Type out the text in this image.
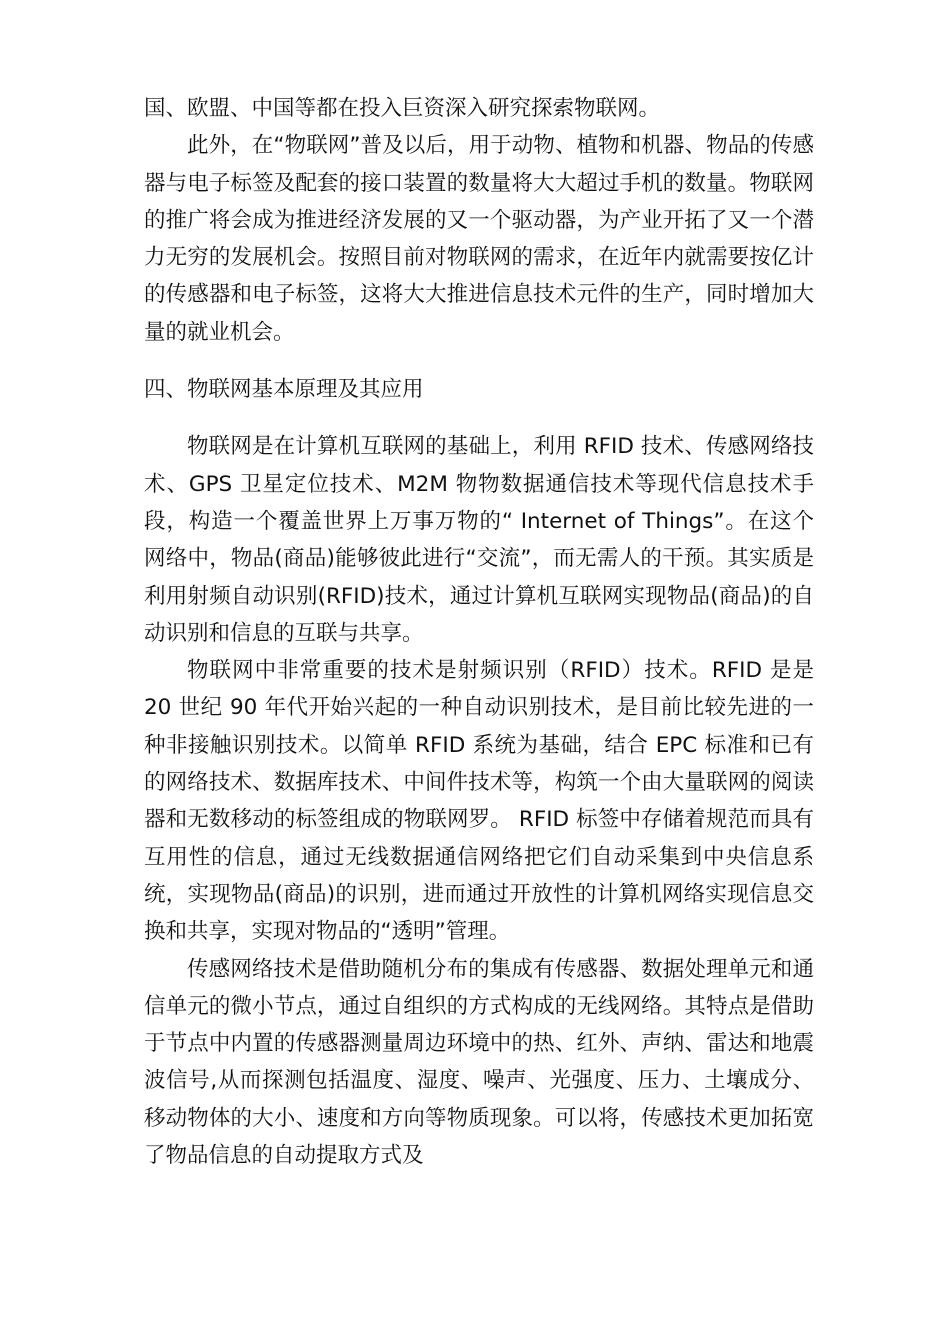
国、欧盟、中国等都在投入巨资深入研究探索物联网。

此外，在“物联网”普及以后，用于动物、植物和机器、物品的传感器与电子标签及配套的接口装置的数量将大大超过手机的数量。物联网的推广将会成为推进经济发展的又一个驱动器，为产业开拓了又一个潜力无穷的发展机会。按照目前对物联网的需求，在近年内就需要按亿计的传感器和电子标签，这将大大推进信息技术元件的生产，同时增加大量的就业机会。

四、物联网基本原理及其应用

物联网是在计算机互联网的基础上，利用 RFID 技术、传感网络技术、GPS 卫星定位技术、M2M 物物数据通信技术等现代信息技术手段，构造一个覆盖世界上万事万物的“ Internet of Things”。在这个网络中，物品(商品)能够彼此进行“交流”，而无需人的干预。其实质是利用射频自动识别(RFID)技术，通过计算机互联网实现物品(商品)的自动识别和信息的互联与共享。

物联网中非常重要的技术是射频识别（RFID）技术。RFID 是是 20 世纪 90 年代开始兴起的一种自动识别技术，是目前比较先进的一种非接触识别技术。以简单 RFID 系统为基础，结合 EPC 标准和已有的网络技术、数据库技术、中间件技术等，构筑一个由大量联网的阅读器和无数移动的标签组成的物联网罗。 RFID 标签中存储着规范而具有互用性的信息，通过无线数据通信网络把它们自动采集到中央信息系统，实现物品(商品)的识别，进而通过开放性的计算机网络实现信息交换和共享，实现对物品的“透明”管理。

传感网络技术是借助随机分布的集成有传感器、数据处理单元和通信单元的微小节点，通过自组织的方式构成的无线网络。其特点是借助于节点中内置的传感器测量周边环境中的热、红外、声纳、雷达和地震波信号,从而探测包括温度、湿度、噪声、光强度、压力、土壤成分、移动物体的大小、速度和方向等物质现象。可以将，传感技术更加拓宽了物品信息的自动提取方式及
